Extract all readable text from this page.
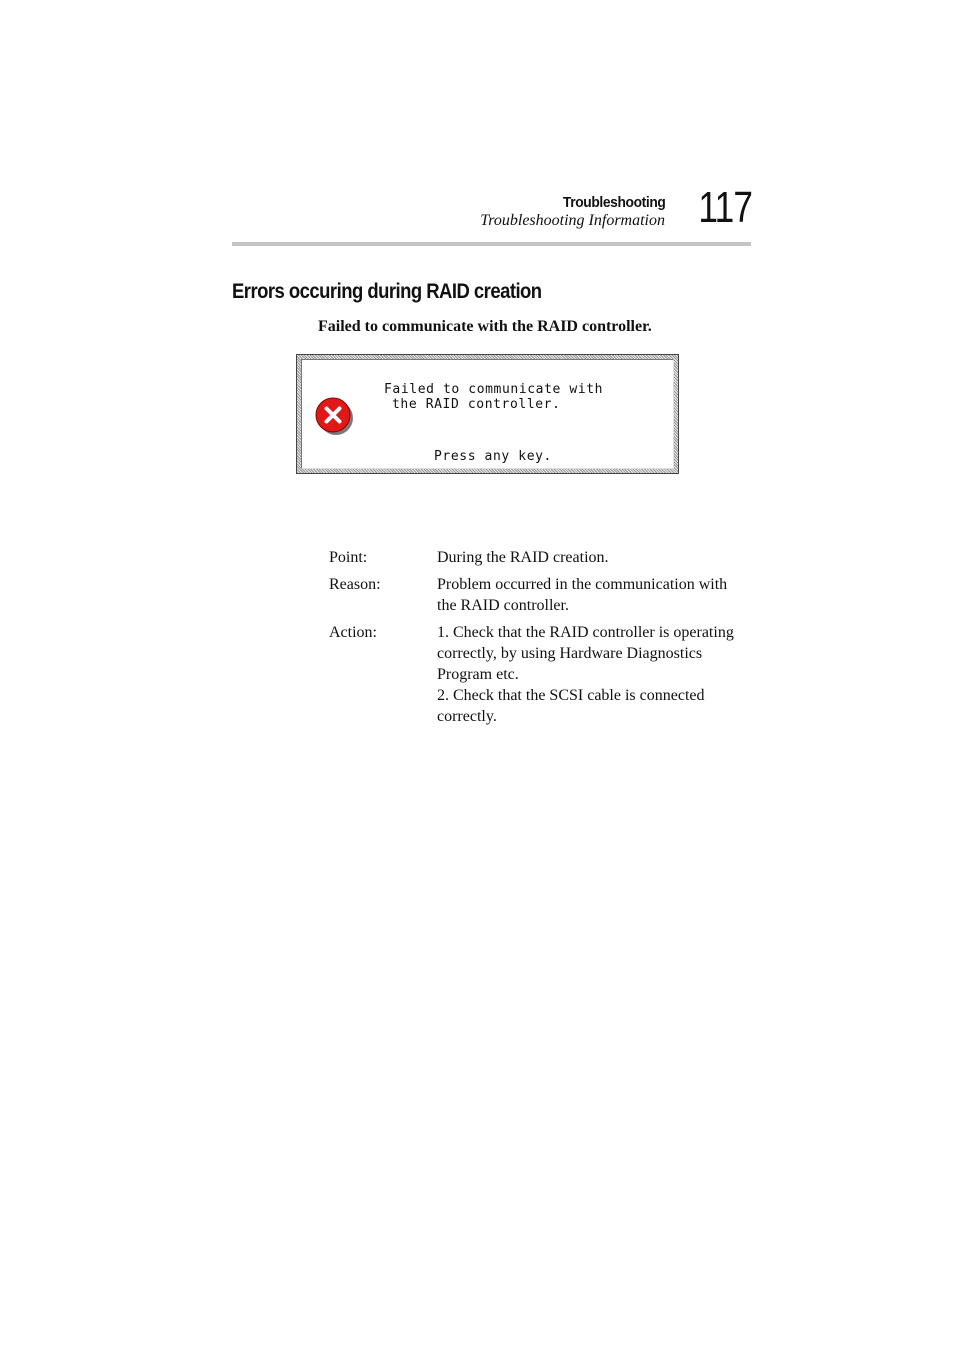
Troubleshooting
Troubleshooting Information 117
Errors occuring during RAID creation
Failed to communicate with the RAID controller.
Failed to communicate with
the RAID controller.
Press any key.
Point:	During the RAID creation.
Reason:	Problem occurred in the communication with
the RAID controller.
Action:	1. Check that the RAID controller is operating
correctly, by using Hardware Diagnostics
Program etc.
2. Check that the SCSI cable is connected
correctly.
